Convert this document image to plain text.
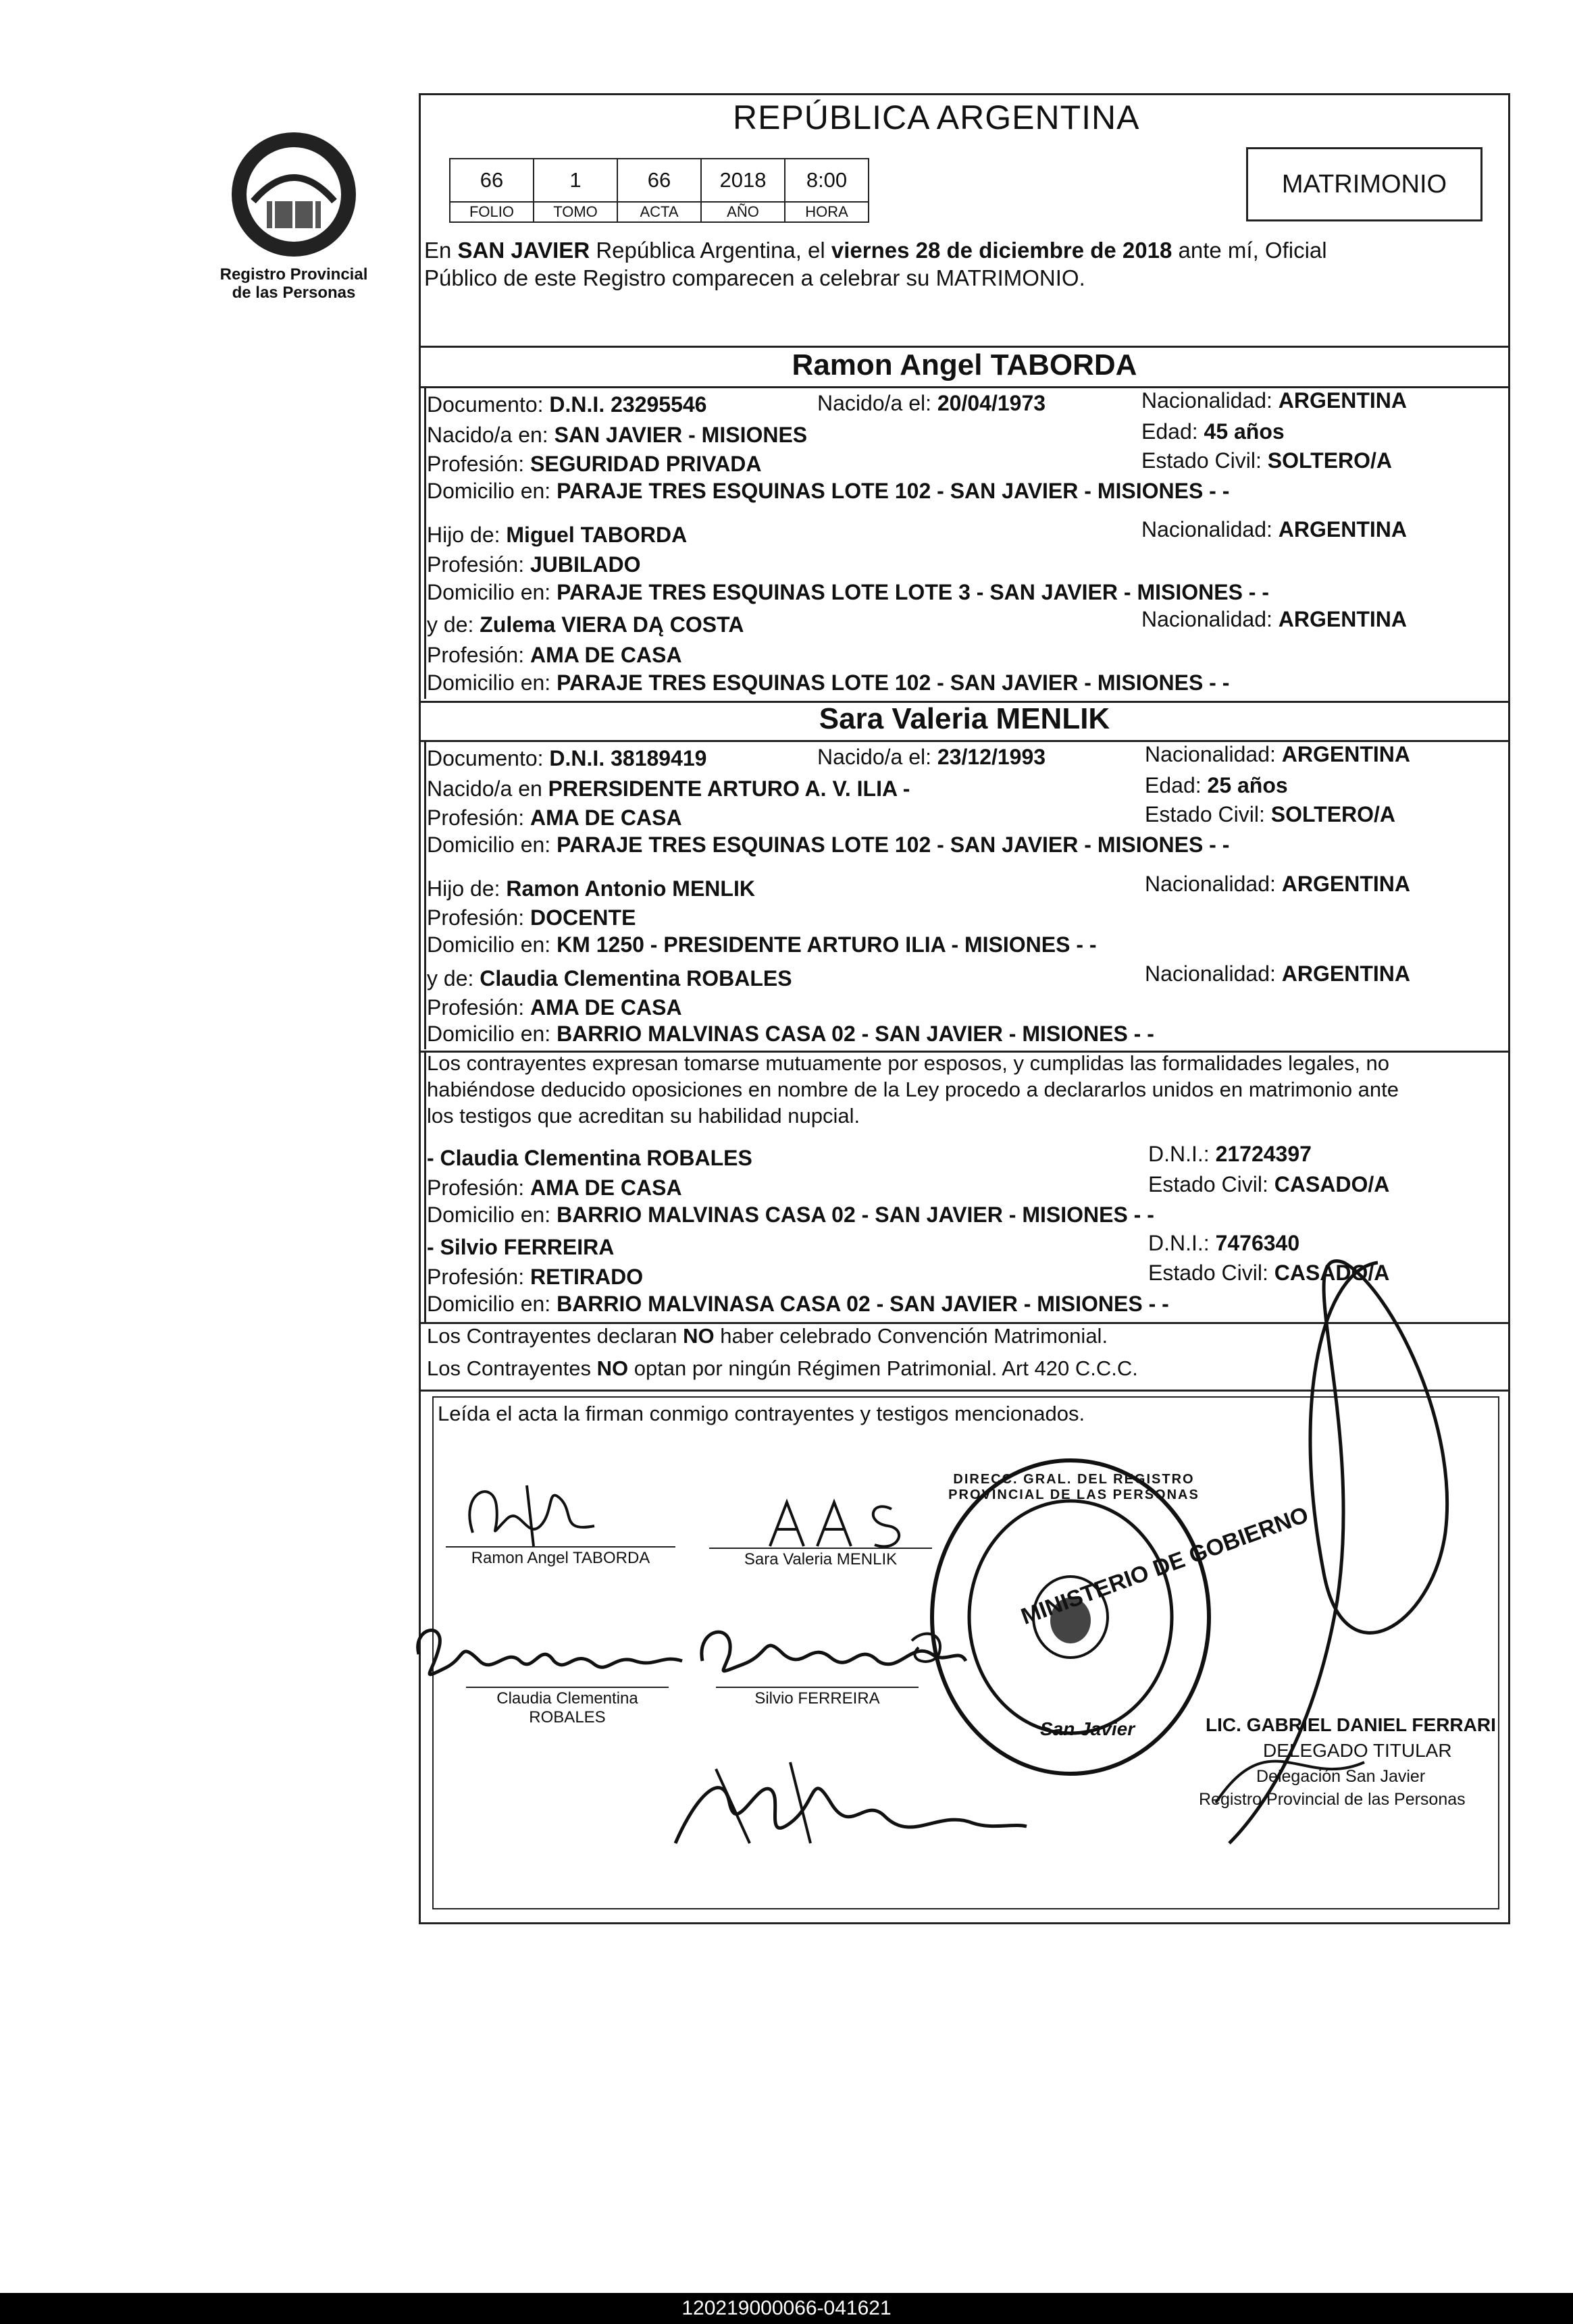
Registro Provincial
de las Personas
REPÚBLICA ARGENTINA
66	1	66	2018	8:00
FOLIO	TOMO	ACTA	AÑO	HORA
MATRIMONIO
En SAN JAVIER República Argentina, el viernes 28 de diciembre de 2018 ante mí, Oficial
Público de este Registro comparecen a celebrar su MATRIMONIO.
Ramon Angel TABORDA
Documento: D.N.I. 23295546	Nacido/a el: 20/04/1973	Nacionalidad: ARGENTINA
Nacido/a en: SAN JAVIER - MISIONES	Edad: 45 años
Profesión: SEGURIDAD PRIVADA	Estado Civil: SOLTERO/A
Domicilio en: PARAJE TRES ESQUINAS LOTE 102 - SAN JAVIER - MISIONES - -
Hijo de: Miguel TABORDA	Nacionalidad: ARGENTINA
Profesión: JUBILADO
Domicilio en: PARAJE TRES ESQUINAS LOTE LOTE 3 - SAN JAVIER - MISIONES - -
y de: Zulema VIERA DĄ COSTA	Nacionalidad: ARGENTINA
Profesión: AMA DE CASA
Domicilio en: PARAJE TRES ESQUINAS LOTE 102 - SAN JAVIER - MISIONES - -
Sara Valeria MENLIK
Documento: D.N.I. 38189419	Nacido/a el: 23/12/1993	Nacionalidad: ARGENTINA
Nacido/a en PRERSIDENTE ARTURO A. V. ILIA -	Edad: 25 años
Profesión: AMA DE CASA	Estado Civil: SOLTERO/A
Domicilio en: PARAJE TRES ESQUINAS LOTE 102 - SAN JAVIER - MISIONES - -
Hijo de: Ramon Antonio MENLIK	Nacionalidad: ARGENTINA
Profesión: DOCENTE
Domicilio en: KM 1250 - PRESIDENTE ARTURO ILIA - MISIONES - -
y de: Claudia Clementina ROBALES	Nacionalidad: ARGENTINA
Profesión: AMA DE CASA
Domicilio en: BARRIO MALVINAS CASA 02 - SAN JAVIER - MISIONES - -
Los contrayentes expresan tomarse mutuamente por esposos, y cumplidas las formalidades legales, no
habiéndose deducido oposiciones en nombre de la Ley procedo a declararlos unidos en matrimonio ante
los testigos que acreditan su habilidad nupcial.
- Claudia Clementina ROBALES	D.N.I.: 21724397
Profesión: AMA DE CASA	Estado Civil: CASADO/A
Domicilio en: BARRIO MALVINAS CASA 02 - SAN JAVIER - MISIONES - -
- Silvio FERREIRA	D.N.I.: 7476340
Profesión: RETIRADO	Estado Civil: CASADO/A
Domicilio en: BARRIO MALVINASA CASA 02 - SAN JAVIER - MISIONES - -
Los Contrayentes declaran NO haber celebrado Convención Matrimonial.
Los Contrayentes NO optan por ningún Régimen Patrimonial. Art 420 C.C.C.
Leída el acta la firman conmigo contrayentes y testigos mencionados.
Ramon Angel TABORDA	Sara Valeria MENLIK
Claudia Clementina
ROBALES
Silvio FERREIRA
MINISTERIO DE GOBIERNO
San Javier
DIRECC. GRAL. DEL REGISTRO PROVINCIAL DE LAS PERSONAS
LIC. GABRIEL DANIEL FERRARI
DELEGADO TITULAR
Delegación San Javier
Registro Provincial de las Personas
120219000066-041621
